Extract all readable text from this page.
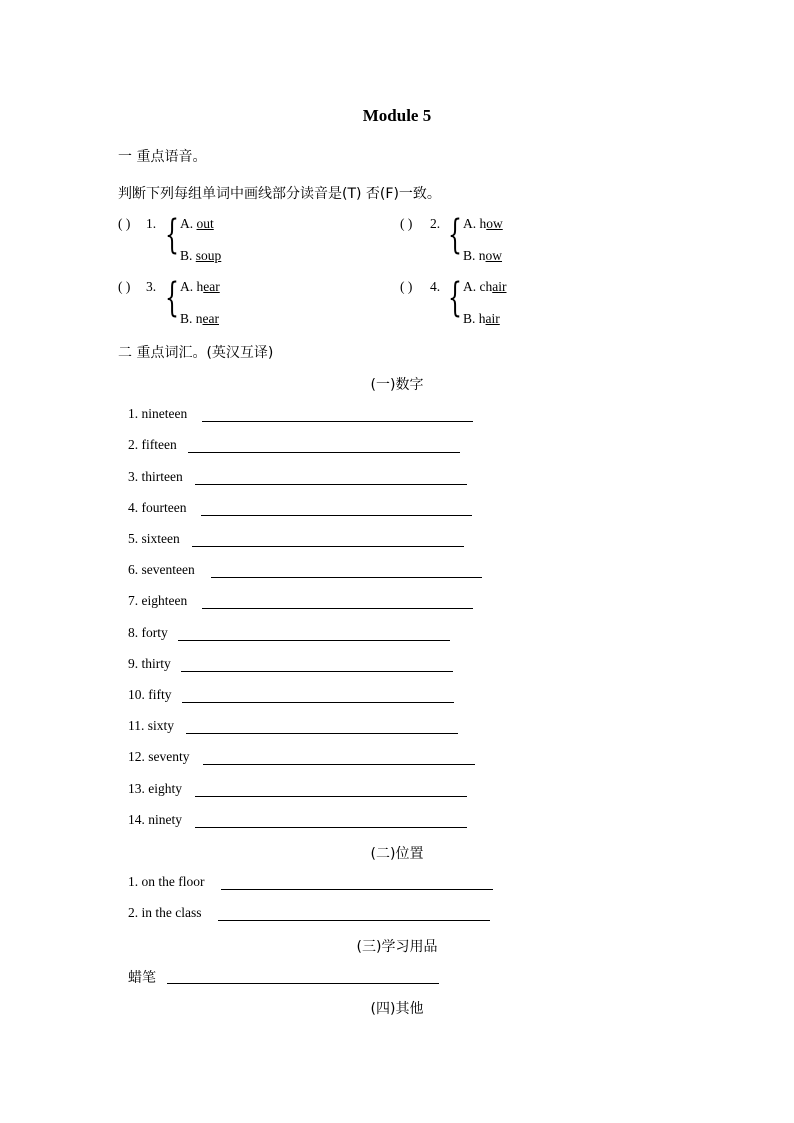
Module 5
一 重点语音。
判断下列每组单词中画线部分读音是(T) 否(F)一致。
( ) 1. { A. out
B. soup
( ) 2. { A. how
B. now
( ) 3. { A. hear
B. near
( ) 4. { A. chair
B. hair
二 重点词汇。(英汉互译)
(一)数字
1. nineteen
2. fifteen
3. thirteen
4. fourteen
5. sixteen
6. seventeen
7. eighteen
8. forty
9. thirty
10. fifty
11. sixty
12. seventy
13. eighty
14. ninety
(二)位置
1. on the floor
2. in the class
(三)学习用品
蜡笔
(四)其他
